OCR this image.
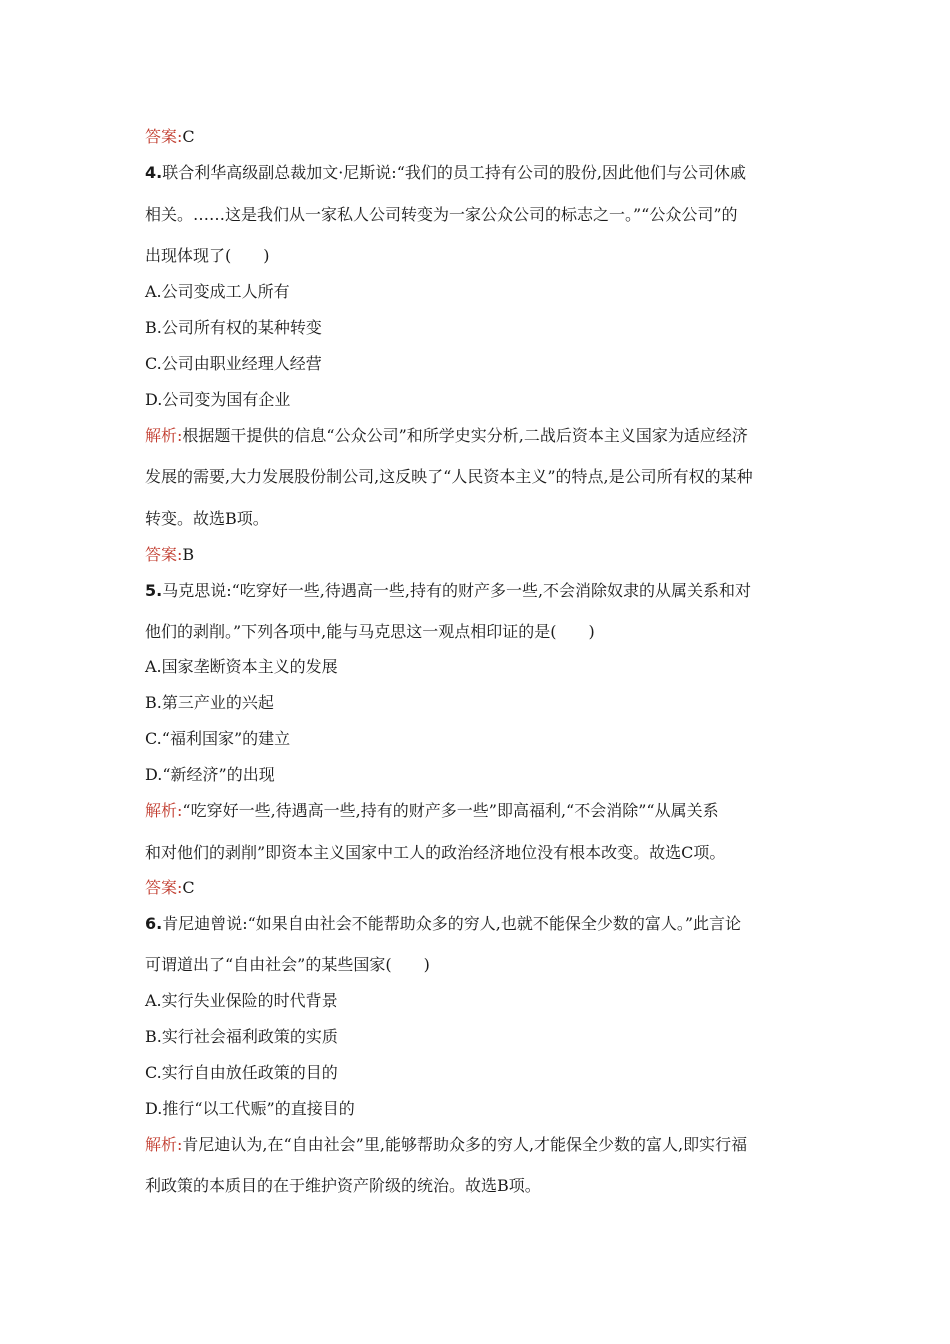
答案:C
4.联合利华高级副总裁加文·尼斯说:“我们的员工持有公司的股份,因此他们与公司休戚
相关。……这是我们从一家私人公司转变为一家公众公司的标志之一。”“公众公司”的
出现体现了(　　)
A.公司变成工人所有
B.公司所有权的某种转变
C.公司由职业经理人经营
D.公司变为国有企业
解析:根据题干提供的信息“公众公司”和所学史实分析,二战后资本主义国家为适应经济
发展的需要,大力发展股份制公司,这反映了“人民资本主义”的特点,是公司所有权的某种
转变。故选B项。
答案:B
5.马克思说:“吃穿好一些,待遇高一些,持有的财产多一些,不会消除奴隶的从属关系和对
他们的剥削。”下列各项中,能与马克思这一观点相印证的是(　　)
A.国家垄断资本主义的发展
B.第三产业的兴起
C.“福利国家”的建立
D.“新经济”的出现
解析:“吃穿好一些,待遇高一些,持有的财产多一些”即高福利,“不会消除”“从属关系
和对他们的剥削”即资本主义国家中工人的政治经济地位没有根本改变。故选C项。
答案:C
6.肯尼迪曾说:“如果自由社会不能帮助众多的穷人,也就不能保全少数的富人。”此言论
可谓道出了“自由社会”的某些国家(　　)
A.实行失业保险的时代背景
B.实行社会福利政策的实质
C.实行自由放任政策的目的
D.推行“以工代赈”的直接目的
解析:肯尼迪认为,在“自由社会”里,能够帮助众多的穷人,才能保全少数的富人,即实行福
利政策的本质目的在于维护资产阶级的统治。故选B项。
